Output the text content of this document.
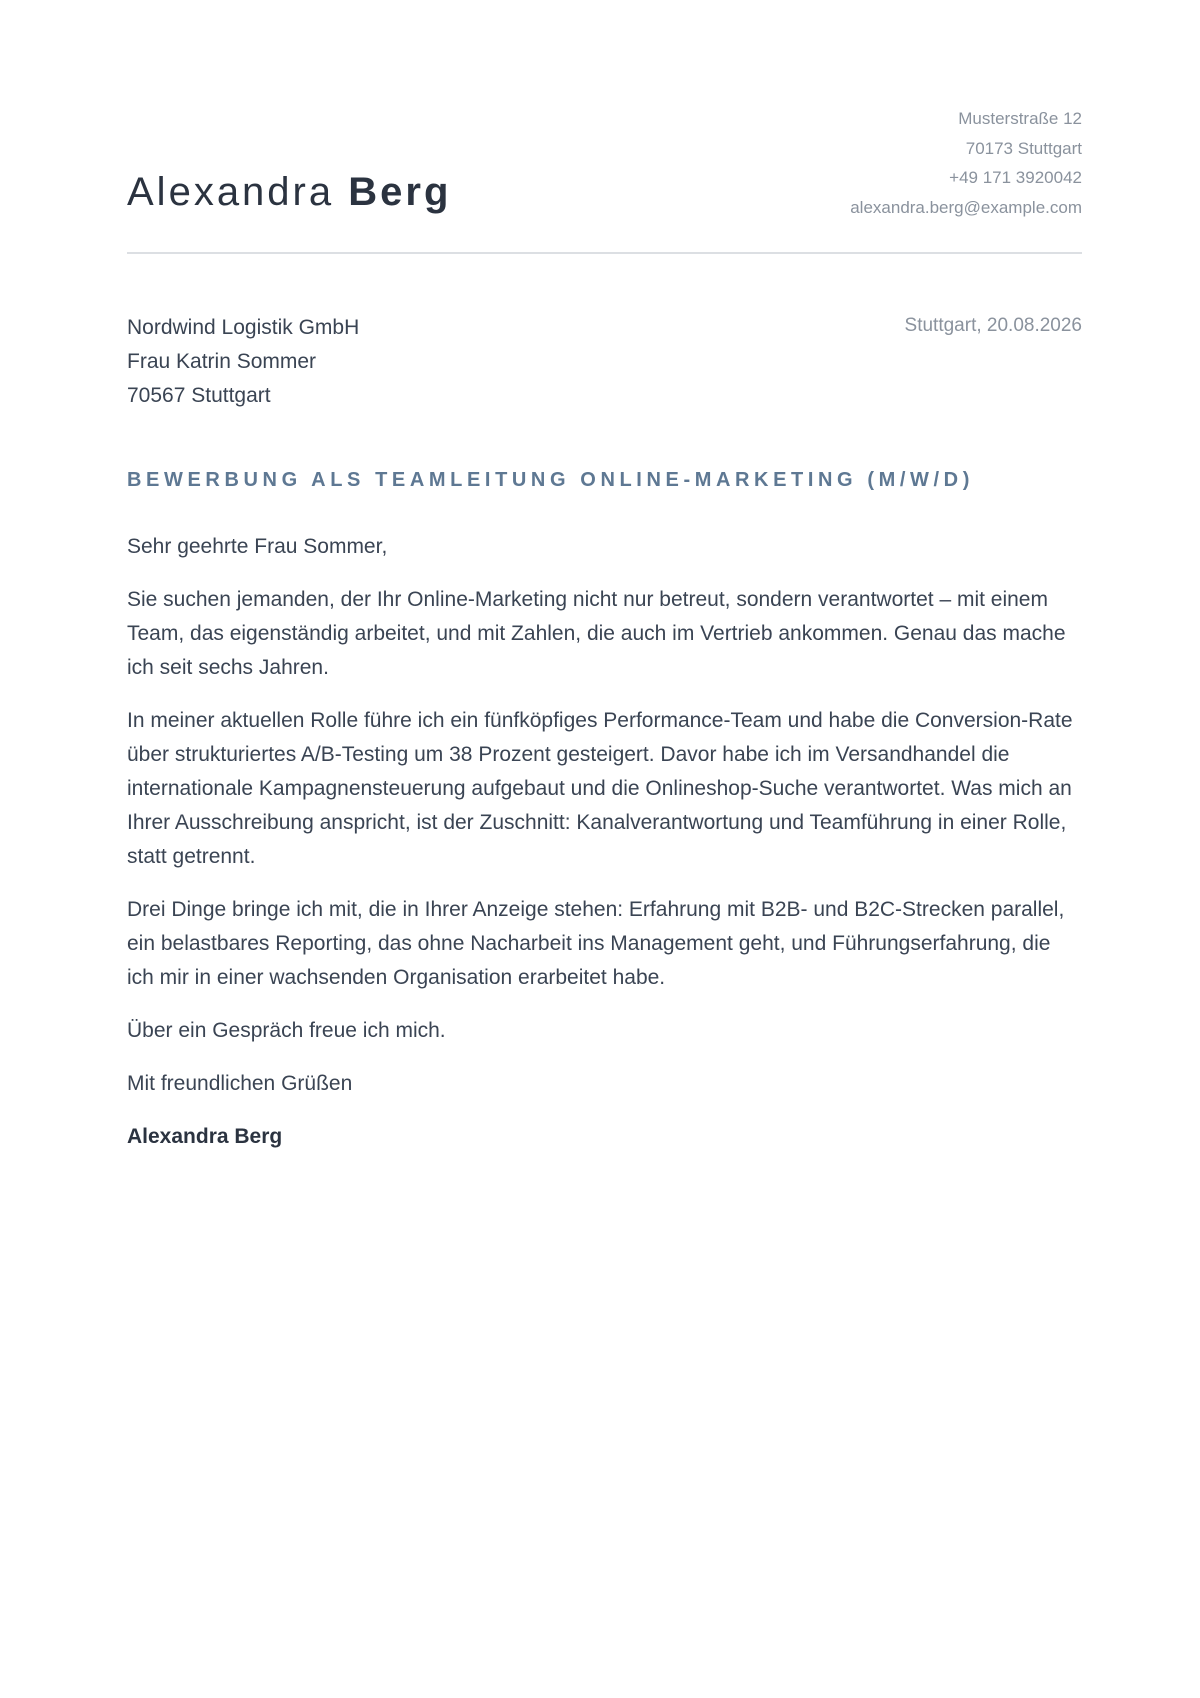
Alexandra Berg
Musterstraße 12
70173 Stuttgart
+49 171 3920042
alexandra.berg@example.com
Nordwind Logistik GmbH
Frau Katrin Sommer
70567 Stuttgart
Stuttgart, 20.08.2026
BEWERBUNG ALS TEAMLEITUNG ONLINE-MARKETING (M/W/D)

Sehr geehrte Frau Sommer,

Sie suchen jemanden, der Ihr Online-Marketing nicht nur betreut, sondern verantwortet – mit einem Team, das eigenständig arbeitet, und mit Zahlen, die auch im Vertrieb ankommen. Genau das mache ich seit sechs Jahren.

In meiner aktuellen Rolle führe ich ein fünfköpfiges Performance-Team und habe die Conversion-Rate über strukturiertes A/B-Testing um 38 Prozent gesteigert. Davor habe ich im Versandhandel die internationale Kampagnensteuerung aufgebaut und die Onlineshop-Suche verantwortet. Was mich an Ihrer Ausschreibung anspricht, ist der Zuschnitt: Kanalverantwortung und Teamführung in einer Rolle, statt getrennt.

Drei Dinge bringe ich mit, die in Ihrer Anzeige stehen: Erfahrung mit B2B- und B2C-Strecken parallel, ein belastbares Reporting, das ohne Nacharbeit ins Management geht, und Führungserfahrung, die ich mir in einer wachsenden Organisation erarbeitet habe.

Über ein Gespräch freue ich mich.

Mit freundlichen Grüßen

Alexandra Berg
